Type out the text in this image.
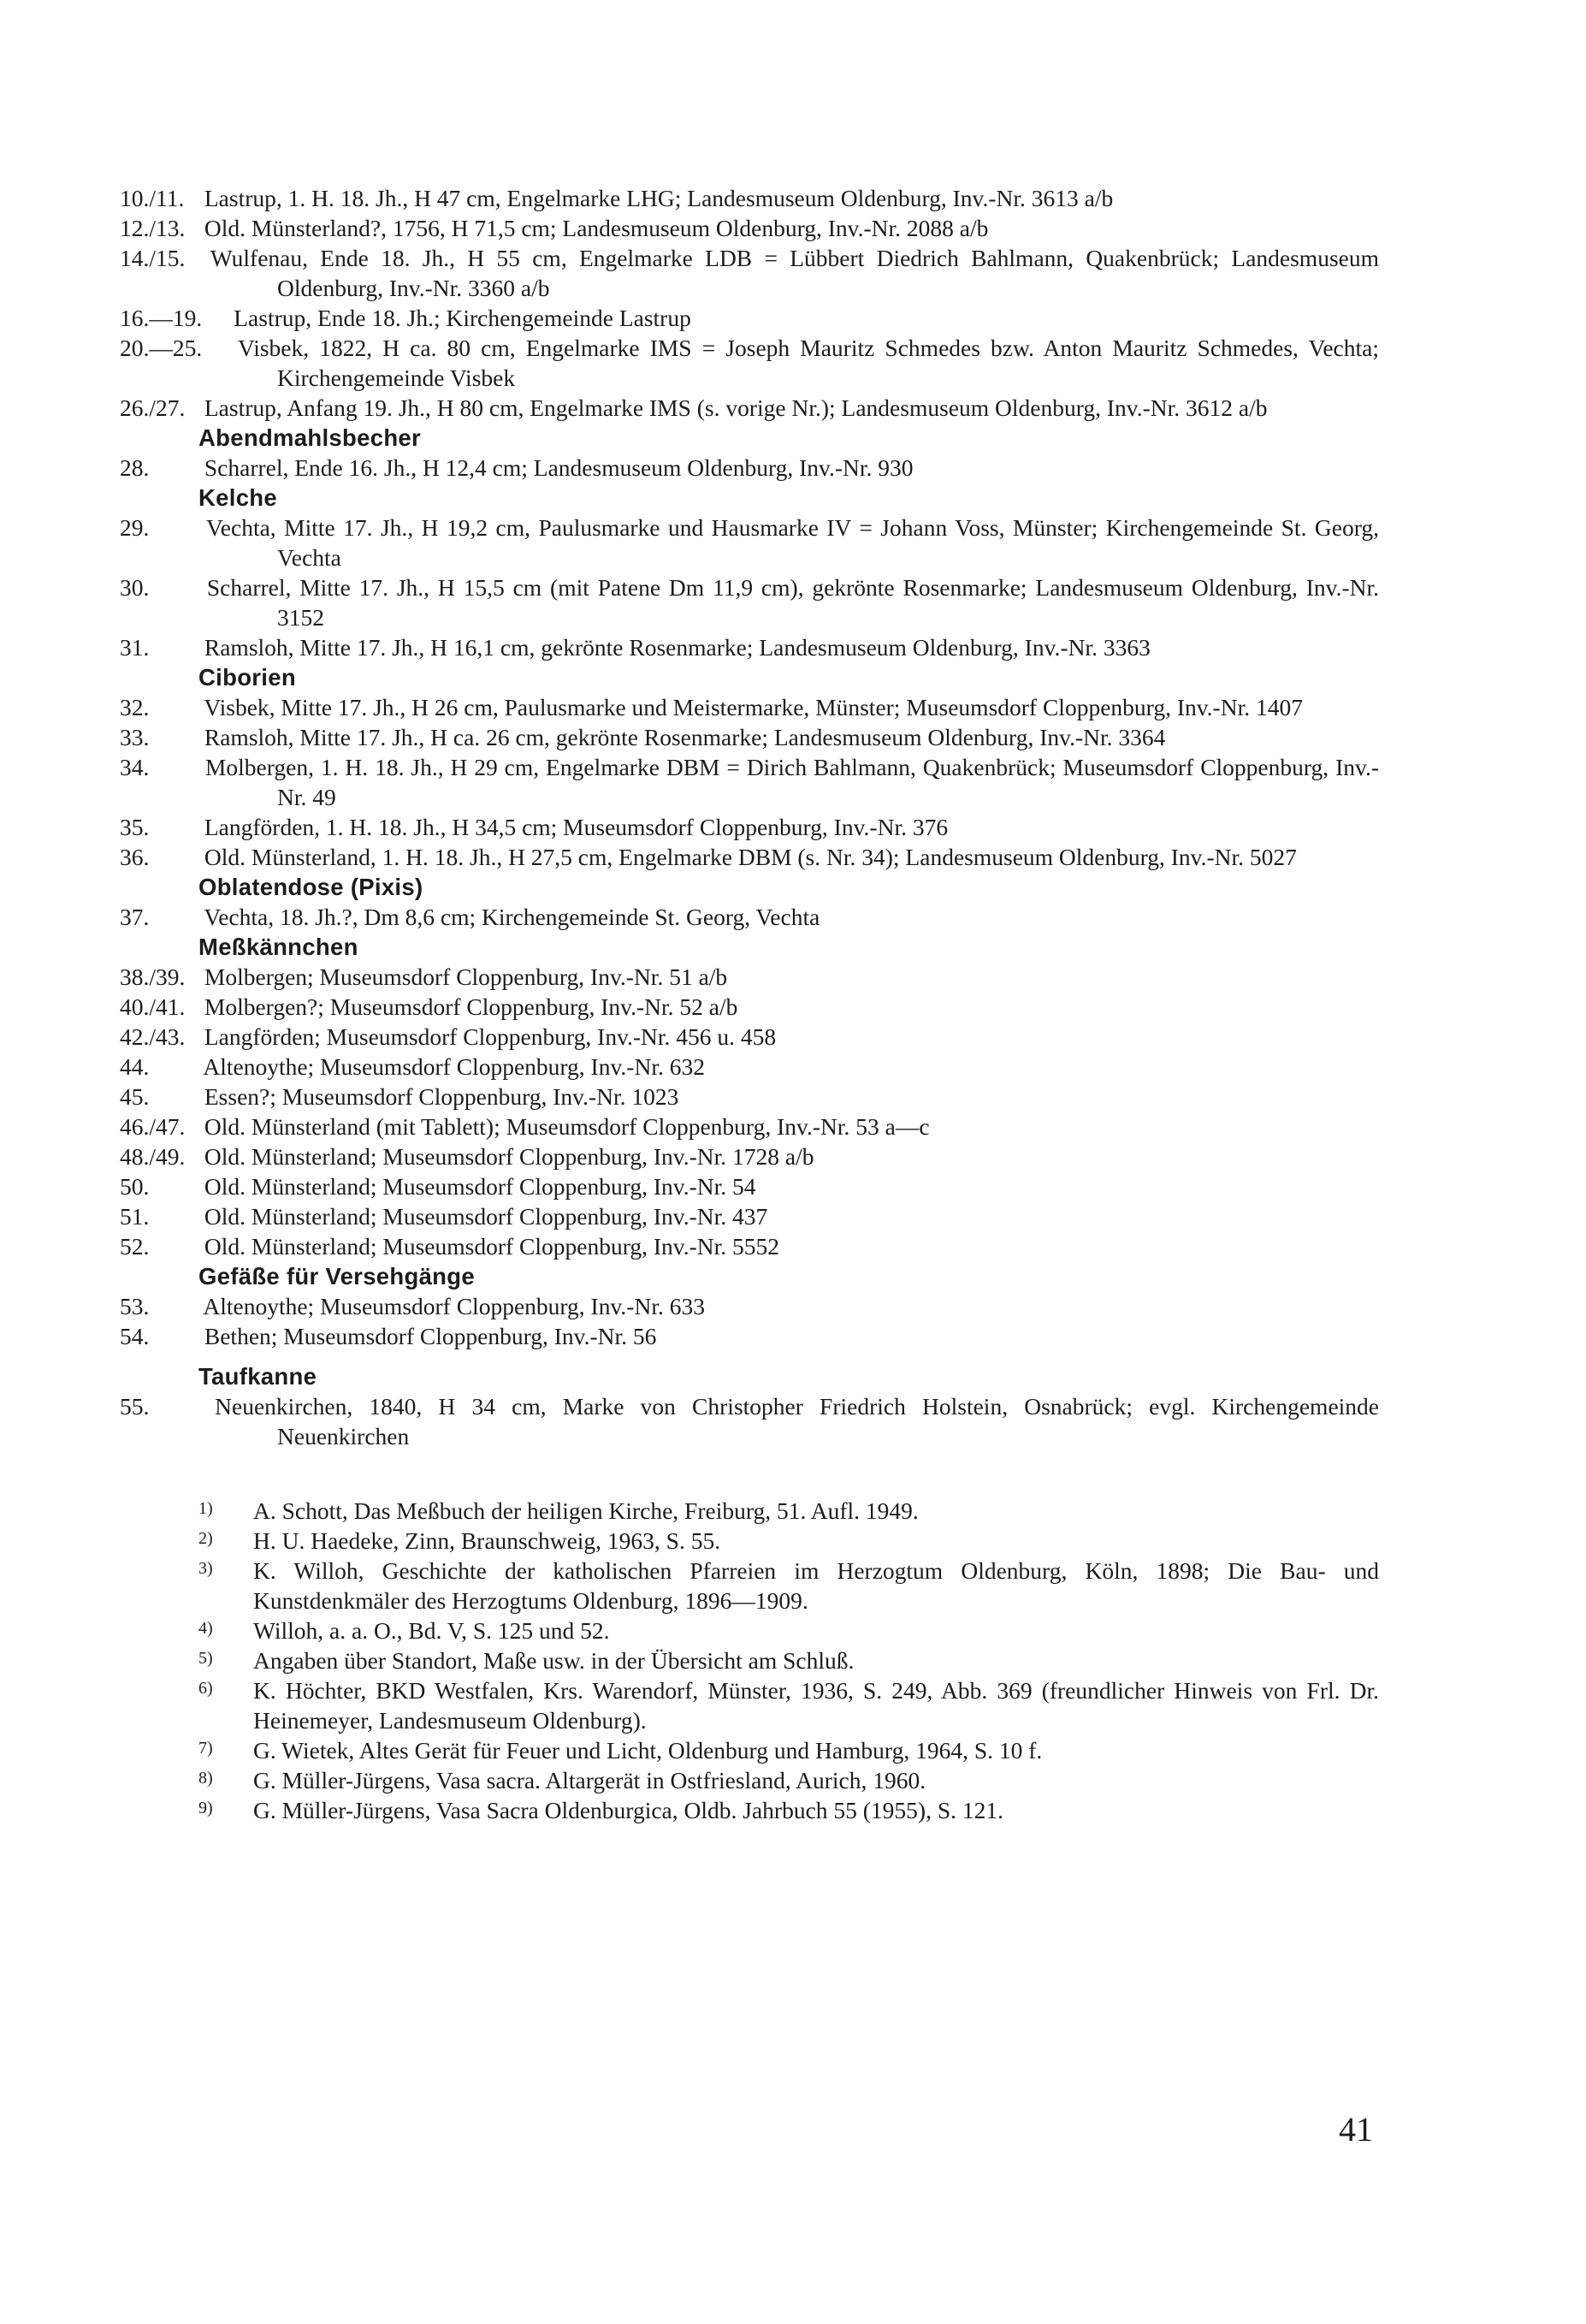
10./11. Lastrup, 1. H. 18. Jh., H 47 cm, Engelmarke LHG; Landesmuseum Oldenburg, Inv.-Nr. 3613 a/b

12./13. Old. Münsterland?, 1756, H 71,5 cm; Landesmuseum Oldenburg, Inv.-Nr. 2088 a/b

14./15. Wulfenau, Ende 18. Jh., H 55 cm, Engelmarke LDB = Lübbert Diedrich Bahlmann, Quakenbrück; Landesmuseum Oldenburg, Inv.-Nr. 3360 a/b

16.—19. Lastrup, Ende 18. Jh.; Kirchengemeinde Lastrup

20.—25. Visbek, 1822, H ca. 80 cm, Engelmarke IMS = Joseph Mauritz Schmedes bzw. Anton Mauritz Schmedes, Vechta; Kirchengemeinde Visbek

26./27. Lastrup, Anfang 19. Jh., H 80 cm, Engelmarke IMS (s. vorige Nr.); Landesmuseum Oldenburg, Inv.-Nr. 3612 a/b

Abendmahlsbecher

28. Scharrel, Ende 16. Jh., H 12,4 cm; Landesmuseum Oldenburg, Inv.-Nr. 930

Kelche

29. Vechta, Mitte 17. Jh., H 19,2 cm, Paulusmarke und Hausmarke IV = Johann Voss, Münster; Kirchengemeinde St. Georg, Vechta

30. Scharrel, Mitte 17. Jh., H 15,5 cm (mit Patene Dm 11,9 cm), gekrönte Rosenmarke; Landesmuseum Oldenburg, Inv.-Nr. 3152

31. Ramsloh, Mitte 17. Jh., H 16,1 cm, gekrönte Rosenmarke; Landesmuseum Oldenburg, Inv.-Nr. 3363

Ciborien

32. Visbek, Mitte 17. Jh., H 26 cm, Paulusmarke und Meistermarke, Münster; Museumsdorf Cloppenburg, Inv.-Nr. 1407

33. Ramsloh, Mitte 17. Jh., H ca. 26 cm, gekrönte Rosenmarke; Landesmuseum Oldenburg, Inv.-Nr. 3364

34. Molbergen, 1. H. 18. Jh., H 29 cm, Engelmarke DBM = Dirich Bahlmann, Quakenbrück; Museumsdorf Cloppenburg, Inv.-Nr. 49

35. Langförden, 1. H. 18. Jh., H 34,5 cm; Museumsdorf Cloppenburg, Inv.-Nr. 376

36. Old. Münsterland, 1. H. 18. Jh., H 27,5 cm, Engelmarke DBM (s. Nr. 34); Landesmuseum Oldenburg, Inv.-Nr. 5027

Oblatendose (Pixis)

37. Vechta, 18. Jh.?, Dm 8,6 cm; Kirchengemeinde St. Georg, Vechta

Meßkännchen

38./39. Molbergen; Museumsdorf Cloppenburg, Inv.-Nr. 51 a/b

40./41. Molbergen?; Museumsdorf Cloppenburg, Inv.-Nr. 52 a/b

42./43. Langförden; Museumsdorf Cloppenburg, Inv.-Nr. 456 u. 458

44. Altenoythe; Museumsdorf Cloppenburg, Inv.-Nr. 632

45. Essen?; Museumsdorf Cloppenburg, Inv.-Nr. 1023

46./47. Old. Münsterland (mit Tablett); Museumsdorf Cloppenburg, Inv.-Nr. 53 a—c

48./49. Old. Münsterland; Museumsdorf Cloppenburg, Inv.-Nr. 1728 a/b

50. Old. Münsterland; Museumsdorf Cloppenburg, Inv.-Nr. 54

51. Old. Münsterland; Museumsdorf Cloppenburg, Inv.-Nr. 437

52. Old. Münsterland; Museumsdorf Cloppenburg, Inv.-Nr. 5552

Gefäße für Versehgänge

53. Altenoythe; Museumsdorf Cloppenburg, Inv.-Nr. 633

54. Bethen; Museumsdorf Cloppenburg, Inv.-Nr. 56

Taufkanne

55.	Neuenkirchen, 1840, H 34 cm, Marke von Christopher Friedrich Holstein, Osnabrück; evgl. Kirchengemeinde Neuenkirchen

1) A. Schott, Das Meßbuch der heiligen Kirche, Freiburg, 51. Aufl. 1949.

2) H. U. Haedeke, Zinn, Braunschweig, 1963, S. 55.

3) K. Willoh, Geschichte der katholischen Pfarreien im Herzogtum Oldenburg, Köln, 1898; Die Bau- und Kunstdenkmäler des Herzogtums Oldenburg, 1896—1909.

4) Willoh, a. a. O., Bd. V, S. 125 und 52.

5) Angaben über Standort, Maße usw. in der Übersicht am Schluß.

6) K. Höchter, BKD Westfalen, Krs. Warendorf, Münster, 1936, S. 249, Abb. 369 (freundlicher Hinweis von Frl. Dr. Heinemeyer, Landesmuseum Oldenburg).

7) G. Wietek, Altes Gerät für Feuer und Licht, Oldenburg und Hamburg, 1964, S. 10 f.

8) G. Müller-Jürgens, Vasa sacra. Altargerät in Ostfriesland, Aurich, 1960.

9) G. Müller-Jürgens, Vasa Sacra Oldenburgica, Oldb. Jahrbuch 55 (1955), S. 121.

41
